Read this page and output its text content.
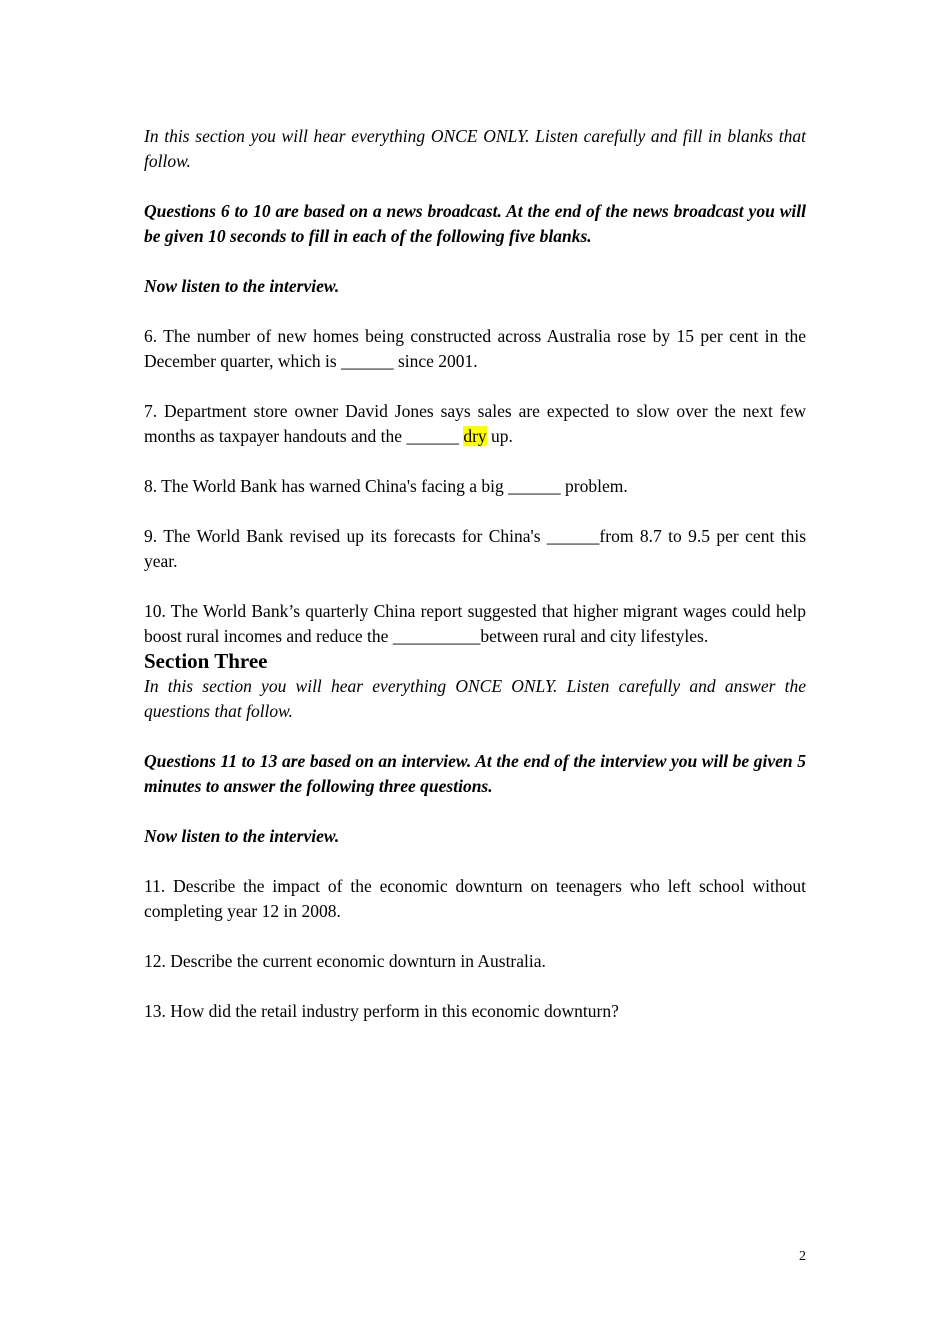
In this section you will hear everything ONCE ONLY. Listen carefully and fill in blanks that follow.

Questions 6 to 10 are based on a news broadcast. At the end of the news broadcast you will be given 10 seconds to fill in each of the following five blanks.

Now listen to the interview.

6. The number of new homes being constructed across Australia rose by 15 per cent in the December quarter, which is ______ since 2001.

7. Department store owner David Jones says sales are expected to slow over the next few months as taxpayer handouts and the ______ dry up.

8. The World Bank has warned China's facing a big ______ problem.

9. The World Bank revised up its forecasts for China's ______from 8.7 to 9.5 per cent this year.

10. The World Bank’s quarterly China report suggested that higher migrant wages could help boost rural incomes and reduce the __________between rural and city lifestyles.

Section Three

In this section you will hear everything ONCE ONLY. Listen carefully and answer the questions that follow.

Questions 11 to 13 are based on an interview. At the end of the interview you will be given 5 minutes to answer the following three questions.

Now listen to the interview.

11. Describe the impact of the economic downturn on teenagers who left school without completing year 12 in 2008.

12. Describe the current economic downturn in Australia.

13. How did the retail industry perform in this economic downturn?

2
